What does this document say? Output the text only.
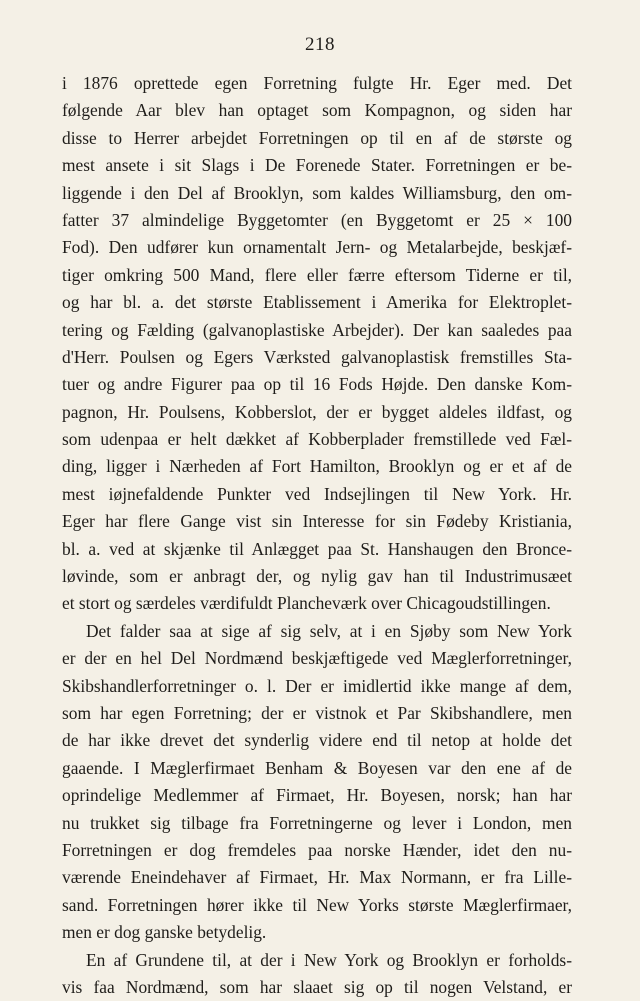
218
i 1876 oprettede egen Forretning fulgte Hr. Eger med. Det
følgende Aar blev han optaget som Kompagnon, og siden har
disse to Herrer arbejdet Forretningen op til en af de største og
mest ansete i sit Slags i De Forenede Stater. Forretningen er be-
liggende i den Del af Brooklyn, som kaldes Williamsburg, den om-
fatter 37 almindelige Byggetomter (en Byggetomt er 25 × 100
Fod). Den udfører kun ornamentalt Jern- og Metalarbejde, beskjæf-
tiger omkring 500 Mand, flere eller færre eftersom Tiderne er til,
og har bl. a. det største Etablissement i Amerika for Elektroplet-
tering og Fælding (galvanoplastiske Arbejder). Der kan saaledes paa
d'Herr. Poulsen og Egers Værksted galvanoplastisk fremstilles Sta-
tuer og andre Figurer paa op til 16 Fods Højde. Den danske Kom-
pagnon, Hr. Poulsens, Kobberslot, der er bygget aldeles ildfast, og
som udenpaa er helt dækket af Kobberplader fremstillede ved Fæl-
ding, ligger i Nærheden af Fort Hamilton, Brooklyn og er et af de
mest iøjnefaldende Punkter ved Indsejlingen til New York. Hr.
Eger har flere Gange vist sin Interesse for sin Fødeby Kristiania,
bl. a. ved at skjænke til Anlægget paa St. Hanshaugen den Bronce-
løvinde, som er anbragt der, og nylig gav han til Industrimusæet
et stort og særdeles værdifuldt Plancheværk over Chicagoudstillingen.
Det falder saa at sige af sig selv, at i en Sjøby som New York
er der en hel Del Nordmænd beskjæftigede ved Mæglerforretninger,
Skibshandlerforretninger o. l. Der er imidlertid ikke mange af dem,
som har egen Forretning; der er vistnok et Par Skibshandlere, men
de har ikke drevet det synderlig videre end til netop at holde det
gaaende. I Mæglerfirmaet Benham & Boyesen var den ene af de
oprindelige Medlemmer af Firmaet, Hr. Boyesen, norsk; han har
nu trukket sig tilbage fra Forretningerne og lever i London, men
Forretningen er dog fremdeles paa norske Hænder, idet den nu-
værende Eneindehaver af Firmaet, Hr. Max Normann, er fra Lille-
sand. Forretningen hører ikke til New Yorks største Mæglerfirmaer,
men er dog ganske betydelig.
En af Grundene til, at der i New York og Brooklyn er forholds-
vis faa Nordmænd, som har slaaet sig op til nogen Velstand, er
